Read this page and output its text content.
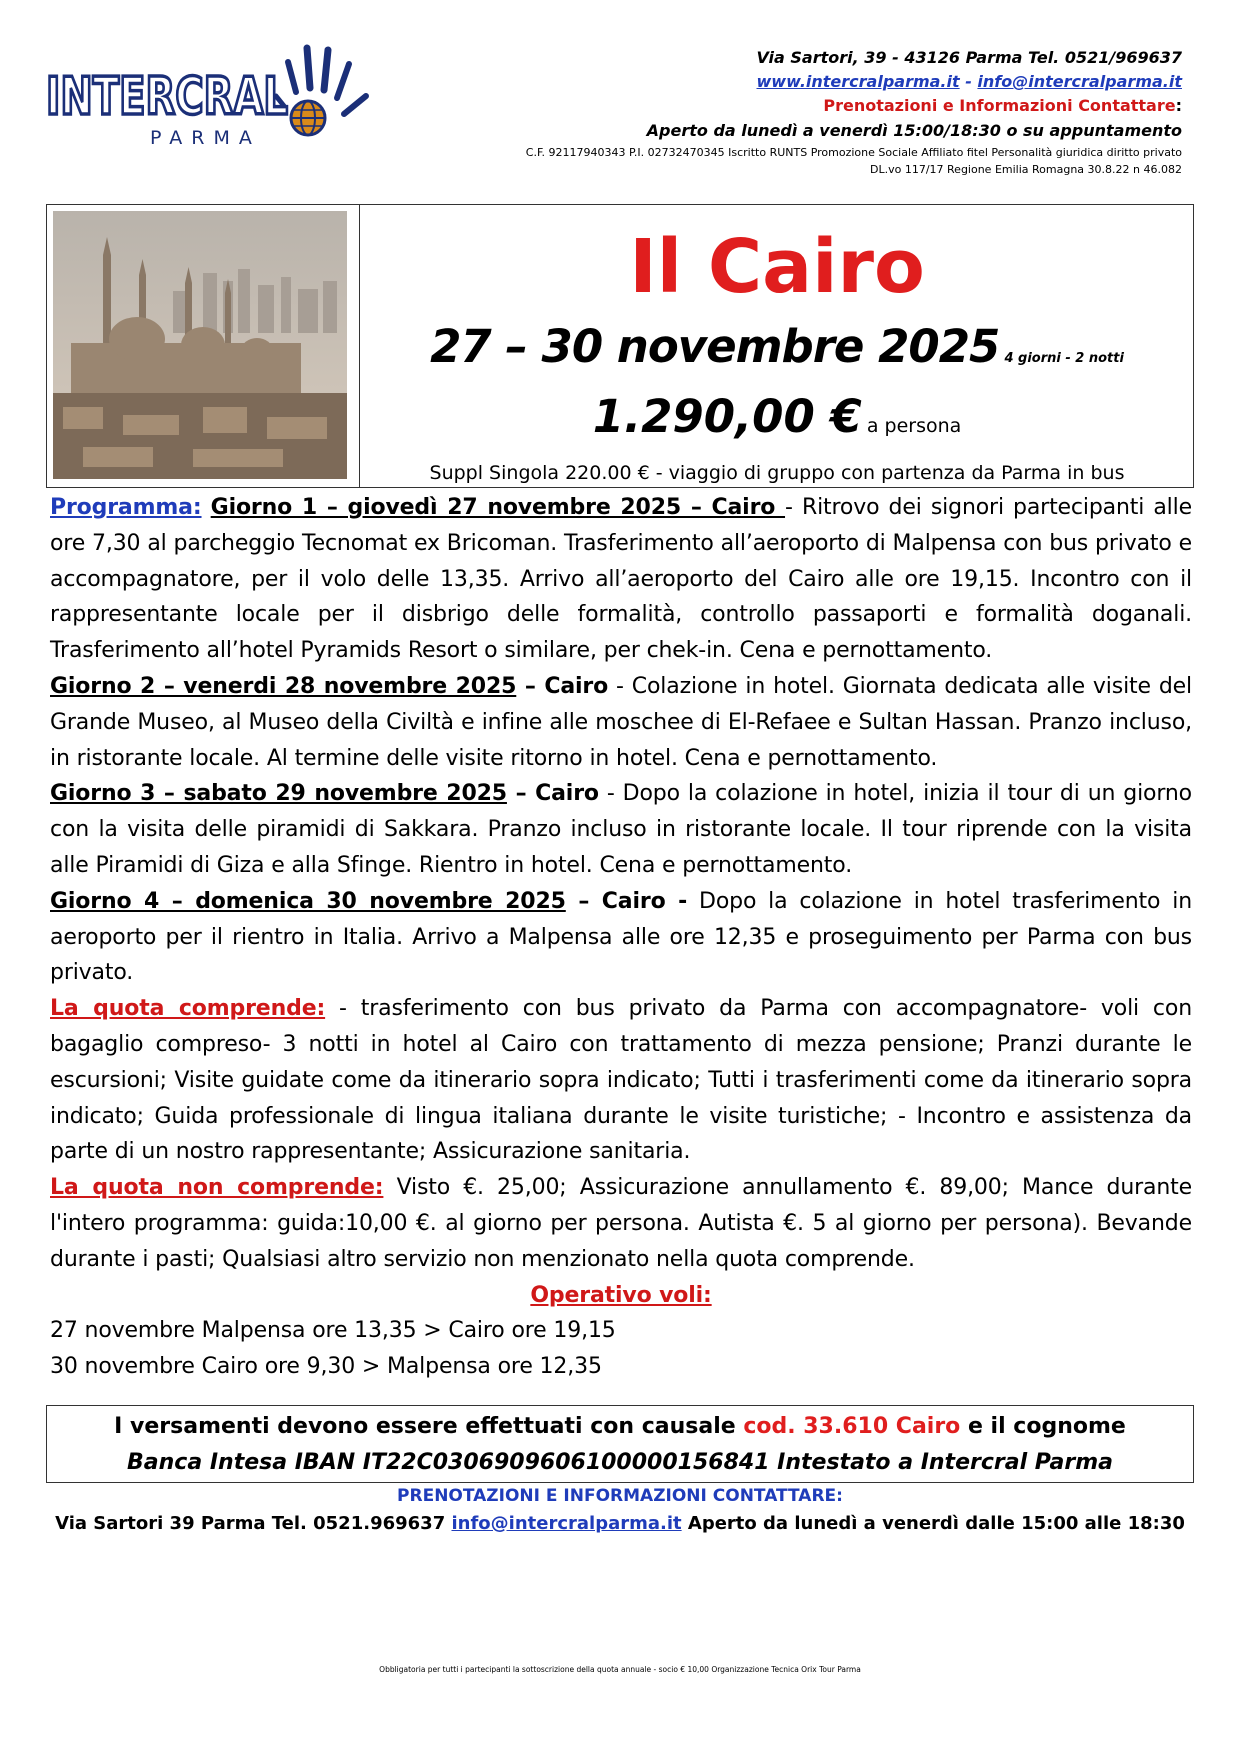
INTERCRAL
PARMA
Via Sartori, 39 - 43126 Parma Tel. 0521/969637
www.intercralparma.it - info@intercralparma.it
Prenotazioni e Informazioni Contattare:
Aperto da lunedì a venerdì 15:00/18:30 o su appuntamento
C.F. 92117940343 P.I. 02732470345 Iscritto RUNTS Promozione Sociale Affiliato fitel Personalità giuridica diritto privato
DL.vo 117/17 Regione Emilia Romagna 30.8.22 n 46.082
Il Cairo
27 – 30 novembre 2025 4 giorni - 2 notti
1.290,00 € a persona
Suppl Singola 220.00 € - viaggio di gruppo con partenza da Parma in bus

Programma: Giorno 1 – giovedì 27 novembre 2025 – Cairo - Ritrovo dei signori partecipanti alle ore 7,30 al parcheggio Tecnomat ex Bricoman. Trasferimento all’aeroporto di Malpensa con bus privato e accompagnatore, per il volo delle 13,35. Arrivo all’aeroporto del Cairo alle ore 19,15. Incontro con il rappresentante locale per il disbrigo delle formalità, controllo passaporti e formalità doganali. Trasferimento all’hotel Pyramids Resort o similare, per chek-in. Cena e pernottamento.

Giorno 2 – venerdi 28 novembre 2025 – Cairo - Colazione in hotel. Giornata dedicata alle visite del Grande Museo, al Museo della Civiltà e infine alle moschee di El-Refaee e Sultan Hassan. Pranzo incluso, in ristorante locale. Al termine delle visite ritorno in hotel. Cena e pernottamento.

Giorno 3 – sabato 29 novembre 2025 – Cairo - Dopo la colazione in hotel, inizia il tour di un giorno con la visita delle piramidi di Sakkara. Pranzo incluso in ristorante locale. Il tour riprende con la visita alle Piramidi di Giza e alla Sfinge. Rientro in hotel. Cena e pernottamento.

Giorno 4 – domenica 30 novembre 2025 – Cairo - Dopo la colazione in hotel trasferimento in aeroporto per il rientro in Italia. Arrivo a Malpensa alle ore 12,35 e proseguimento per Parma con bus privato.

La quota comprende: - trasferimento con bus privato da Parma con accompagnatore- voli con bagaglio compreso- 3 notti in hotel al Cairo con trattamento di mezza pensione; Pranzi durante le escursioni; Visite guidate come da itinerario sopra indicato; Tutti i trasferimenti come da itinerario sopra indicato; Guida professionale di lingua italiana durante le visite turistiche; - Incontro e assistenza da parte di un nostro rappresentante; Assicurazione sanitaria.

La quota non comprende: Visto €. 25,00; Assicurazione annullamento €. 89,00; Mance durante l'intero programma: guida:10,00 €. al giorno per persona. Autista €. 5 al giorno per persona). Bevande durante i pasti; Qualsiasi altro servizio non menzionato nella quota comprende.

Operativo voli:

27 novembre Malpensa ore 13,35 > Cairo ore 19,15

30 novembre Cairo ore 9,30 > Malpensa ore 12,35

I versamenti devono essere effettuati con causale cod. 33.610 Cairo e il cognome
Banca Intesa IBAN IT22C0306909606100000156841 Intestato a Intercral Parma
PRENOTAZIONI E INFORMAZIONI CONTATTARE:
Via Sartori 39 Parma Tel. 0521.969637 info@intercralparma.it Aperto da lunedì a venerdì dalle 15:00 alle 18:30
Obbligatoria per tutti i partecipanti la sottoscrizione della quota annuale - socio € 10,00 Organizzazione Tecnica Orix Tour Parma
